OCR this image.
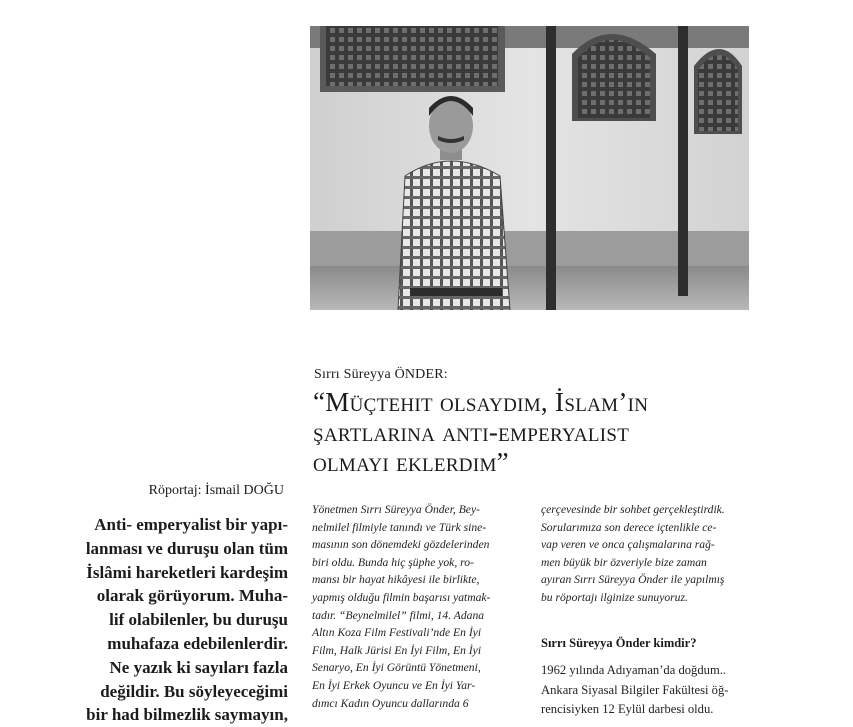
Sırrı Süreyya ÖNDER:
“Müçtehit olsaydım, İslam’ın
şartlarına anti-emperyalist
olmayı eklerdim”
Röportaj: İsmail DOĞU
Anti- emperyalist bir yapı-
lanması ve duruşu olan tüm
İslâmi hareketleri kardeşim
olarak görüyorum. Muha-
lif olabilenler, bu duruşu
muhafaza edebilenlerdir.
Ne yazık ki sayıları fazla
değildir. Bu söyleyeceğimi
bir had bilmezlik saymayın,
Yönetmen Sırrı Süreyya Önder, Bey-
nelmilel filmiyle tanındı ve Türk sine-
masının son dönemdeki gözdelerinden
biri oldu. Bunda hiç şüphe yok, ro-
mansı bir hayat hikâyesi ile birlikte,
yapmış olduğu filmin başarısı yatmak-
tadır. “Beynelmilel” filmi, 14. Adana
Altın Koza Film Festivali’nde En İyi
Film, Halk Jürisi En İyi Film, En İyi
Senaryo, En İyi Görüntü Yönetmeni,
En İyi Erkek Oyuncu ve En İyi Yar-
dımcı Kadın Oyuncu dallarında 6
çerçevesinde bir sohbet gerçekleştirdik.
Sorularımıza son derece içtenlikle ce-
vap veren ve onca çalışmalarına rağ-
men büyük bir özveriyle bize zaman
ayıran Sırrı Süreyya Önder ile yapılmış
bu röportajı ilginize sunuyoruz.
Sırrı Süreyya Önder kimdir?
1962 yılında Adıyaman’da doğdum..
Ankara Siyasal Bilgiler Fakültesi öğ-
rencisiyken 12 Eylül darbesi oldu.
